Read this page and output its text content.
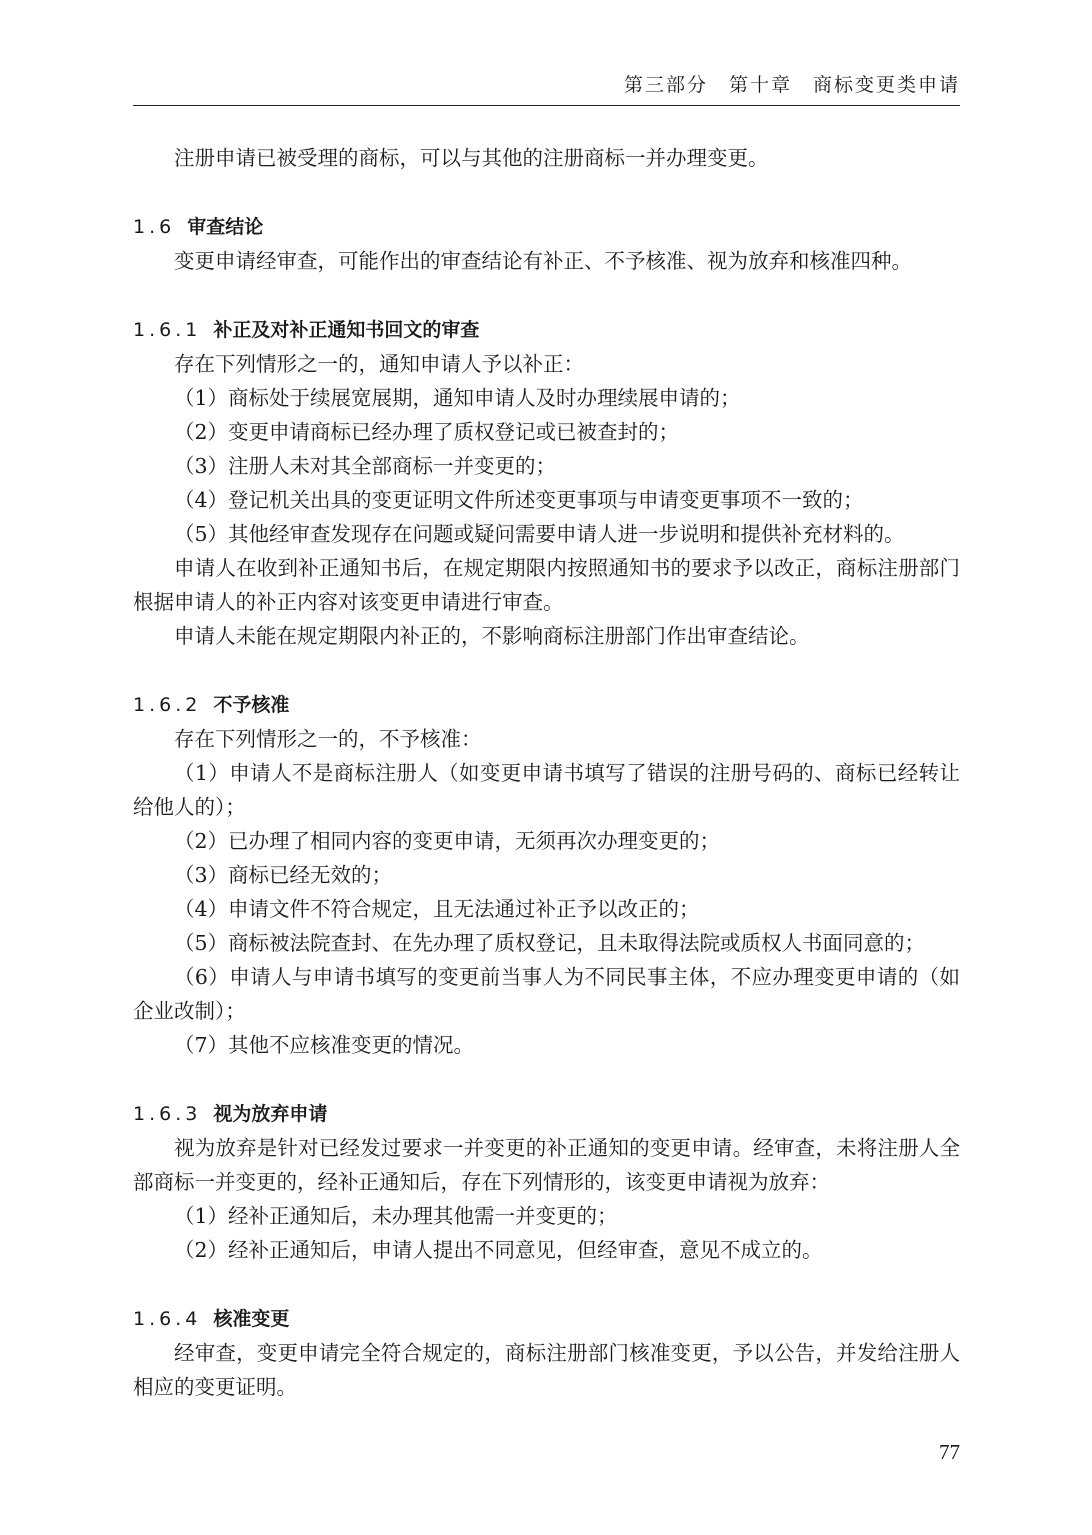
第三部分　第十章　商标变更类申请

注册申请已被受理的商标，可以与其他的注册商标一并办理变更。

1.6 审查结论

变更申请经审查，可能作出的审查结论有补正、不予核准、视为放弃和核准四种。

1.6.1 补正及对补正通知书回文的审查

存在下列情形之一的，通知申请人予以补正：

（1）商标处于续展宽展期，通知申请人及时办理续展申请的；

（2）变更申请商标已经办理了质权登记或已被查封的；

（3）注册人未对其全部商标一并变更的；

（4）登记机关出具的变更证明文件所述变更事项与申请变更事项不一致的；

（5）其他经审查发现存在问题或疑问需要申请人进一步说明和提供补充材料的。

申请人在收到补正通知书后，在规定期限内按照通知书的要求予以改正，商标注册部门根据申请人的补正内容对该变更申请进行审查。

申请人未能在规定期限内补正的，不影响商标注册部门作出审查结论。

1.6.2 不予核准

存在下列情形之一的，不予核准：

（1）申请人不是商标注册人（如变更申请书填写了错误的注册号码的、商标已经转让给他人的）；

（2）已办理了相同内容的变更申请，无须再次办理变更的；

（3）商标已经无效的；

（4）申请文件不符合规定，且无法通过补正予以改正的；

（5）商标被法院查封、在先办理了质权登记，且未取得法院或质权人书面同意的；

（6）申请人与申请书填写的变更前当事人为不同民事主体，不应办理变更申请的（如企业改制）；

（7）其他不应核准变更的情况。

1.6.3 视为放弃申请

视为放弃是针对已经发过要求一并变更的补正通知的变更申请。经审查，未将注册人全部商标一并变更的，经补正通知后，存在下列情形的，该变更申请视为放弃：

（1）经补正通知后，未办理其他需一并变更的；

（2）经补正通知后，申请人提出不同意见，但经审查，意见不成立的。

1.6.4 核准变更

经审查，变更申请完全符合规定的，商标注册部门核准变更，予以公告，并发给注册人相应的变更证明。

77
